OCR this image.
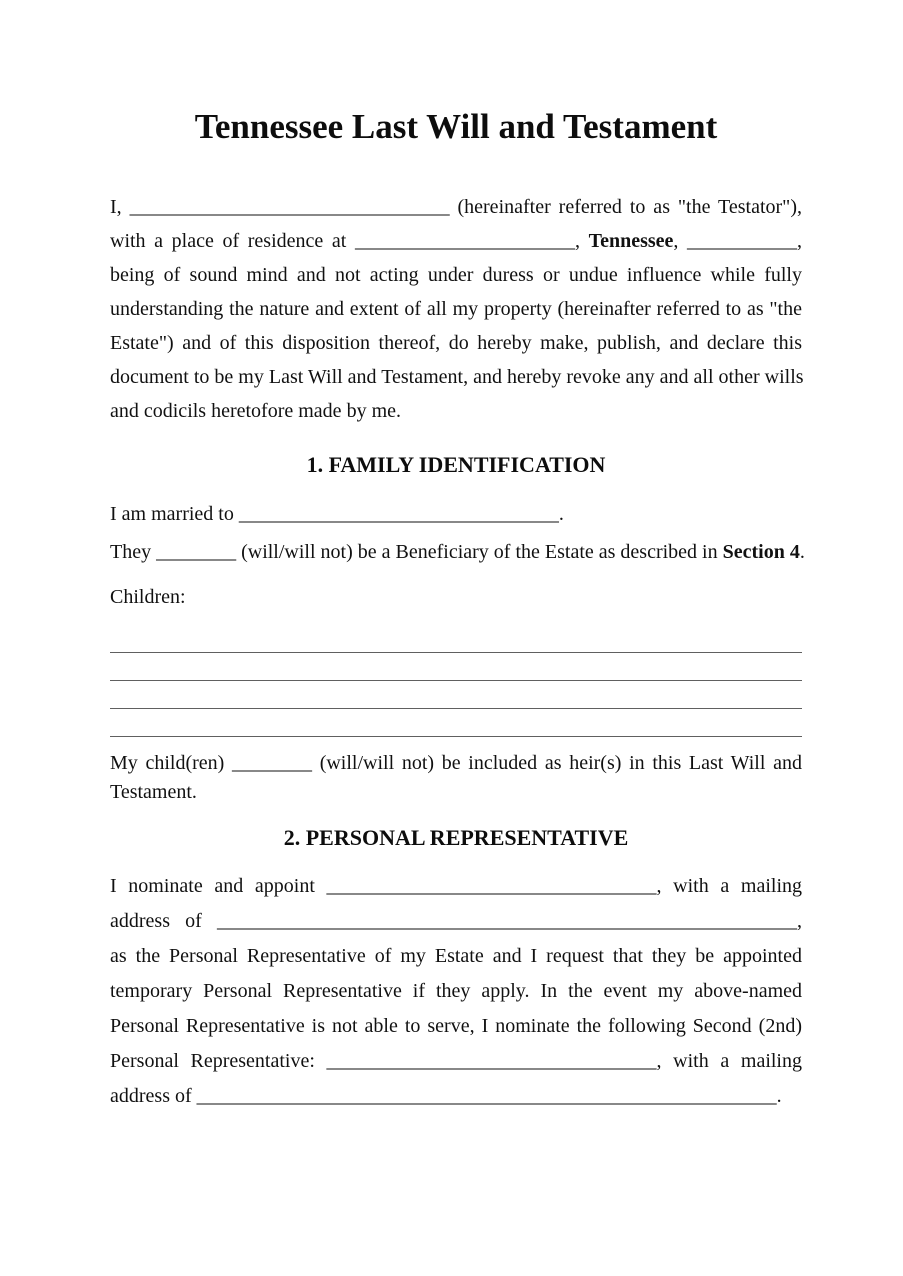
Tennessee Last Will and Testament
I, ________________________________ (hereinafter referred to as "the Testator"),
with a place of residence at ______________________, Tennessee, ___________,
being of sound mind and not acting under duress or undue influence while fully
understanding the nature and extent of all my property (hereinafter referred to as "the
Estate") and of this disposition thereof, do hereby make, publish, and declare this
document to be my Last Will and Testament, and hereby revoke any and all other wills
and codicils heretofore made by me.
1. FAMILY IDENTIFICATION
I am married to ________________________________.
They ________ (will/will not) be a Beneficiary of the Estate as described in Section 4.
Children:
My child(ren) ________ (will/will not) be included as heir(s) in this Last Will and
Testament.
2. PERSONAL REPRESENTATIVE
I nominate and appoint _________________________________, with a mailing
address of __________________________________________________________,
as the Personal Representative of my Estate and I request that they be appointed
temporary Personal Representative if they apply. In the event my above-named
Personal Representative is not able to serve, I nominate the following Second (2nd)
Personal Representative: _________________________________, with a mailing
address of __________________________________________________________.
